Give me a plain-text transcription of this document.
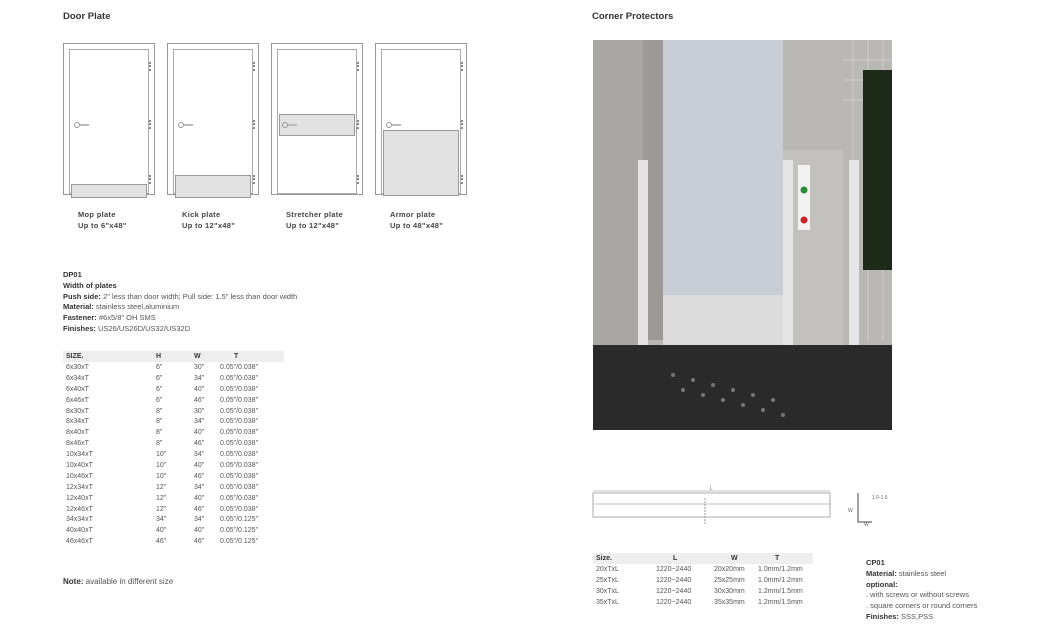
Door Plate
Mop plate
Up to 6"x48"
Kick plate
Up to 12"x48"
Stretcher plate
Up to 12"x48"
Armor plate
Up to 48"x48"
DP01
Width of plates
Push side: 2" less than door width; Pull side: 1.5" less than door width
Material: stainless steel,aluminium
Fastener: #6x5/8" OH SMS
Finishes: US26/US26D/US32/US32D
SIZE.	H	W	T
6x30xT	6"	30"	0.05"/0.038"
6x34xT	6"	34"	0.05"/0.038"
6x40xT	6"	40"	0.05"/0.038"
6x46xT	6"	46"	0.05"/0.038"
8x30xT	8"	30"	0.05"/0.038"
8x34xT	8"	34"	0.05"/0.038"
8x40xT	8"	40"	0.05"/0.038"
8x46xT	8"	46"	0.05"/0.038"
10x34xT	10"	34"	0.05"/0.038"
10x40xT	10"	40"	0.05"/0.038"
10x46xT	10"	46"	0.05"/0.038"
12x34xT	12"	34"	0.05"/0.038"
12x40xT	12"	40"	0.05"/0.038"
12x46xT	12"	46"	0.05"/0.038"
34x34xT	34"	34"	0.05"/0.125"
40x40xT	40"	40"	0.05"/0.125"
46x46xT	46"	46"	0.05"/0.125"
Note: available in different size
Corner Protectors
L
1.0-1.5
W
W
Size.	L	W	T
20xTxL	1220~2440	20x20mm	1.0mm/1.2mm
25xTxL	1220~2440	25x25mm	1.0mm/1.2mm
30xTxL	1220~2440	30x30mm	1.2mm/1.5mm
35xTxL	1220~2440	35x35mm	1.2mm/1.5mm
CP01
Material: stainless steel
optional:
. with screws or without screws
. square corners or round corners
Finishes: SSS,PSS
